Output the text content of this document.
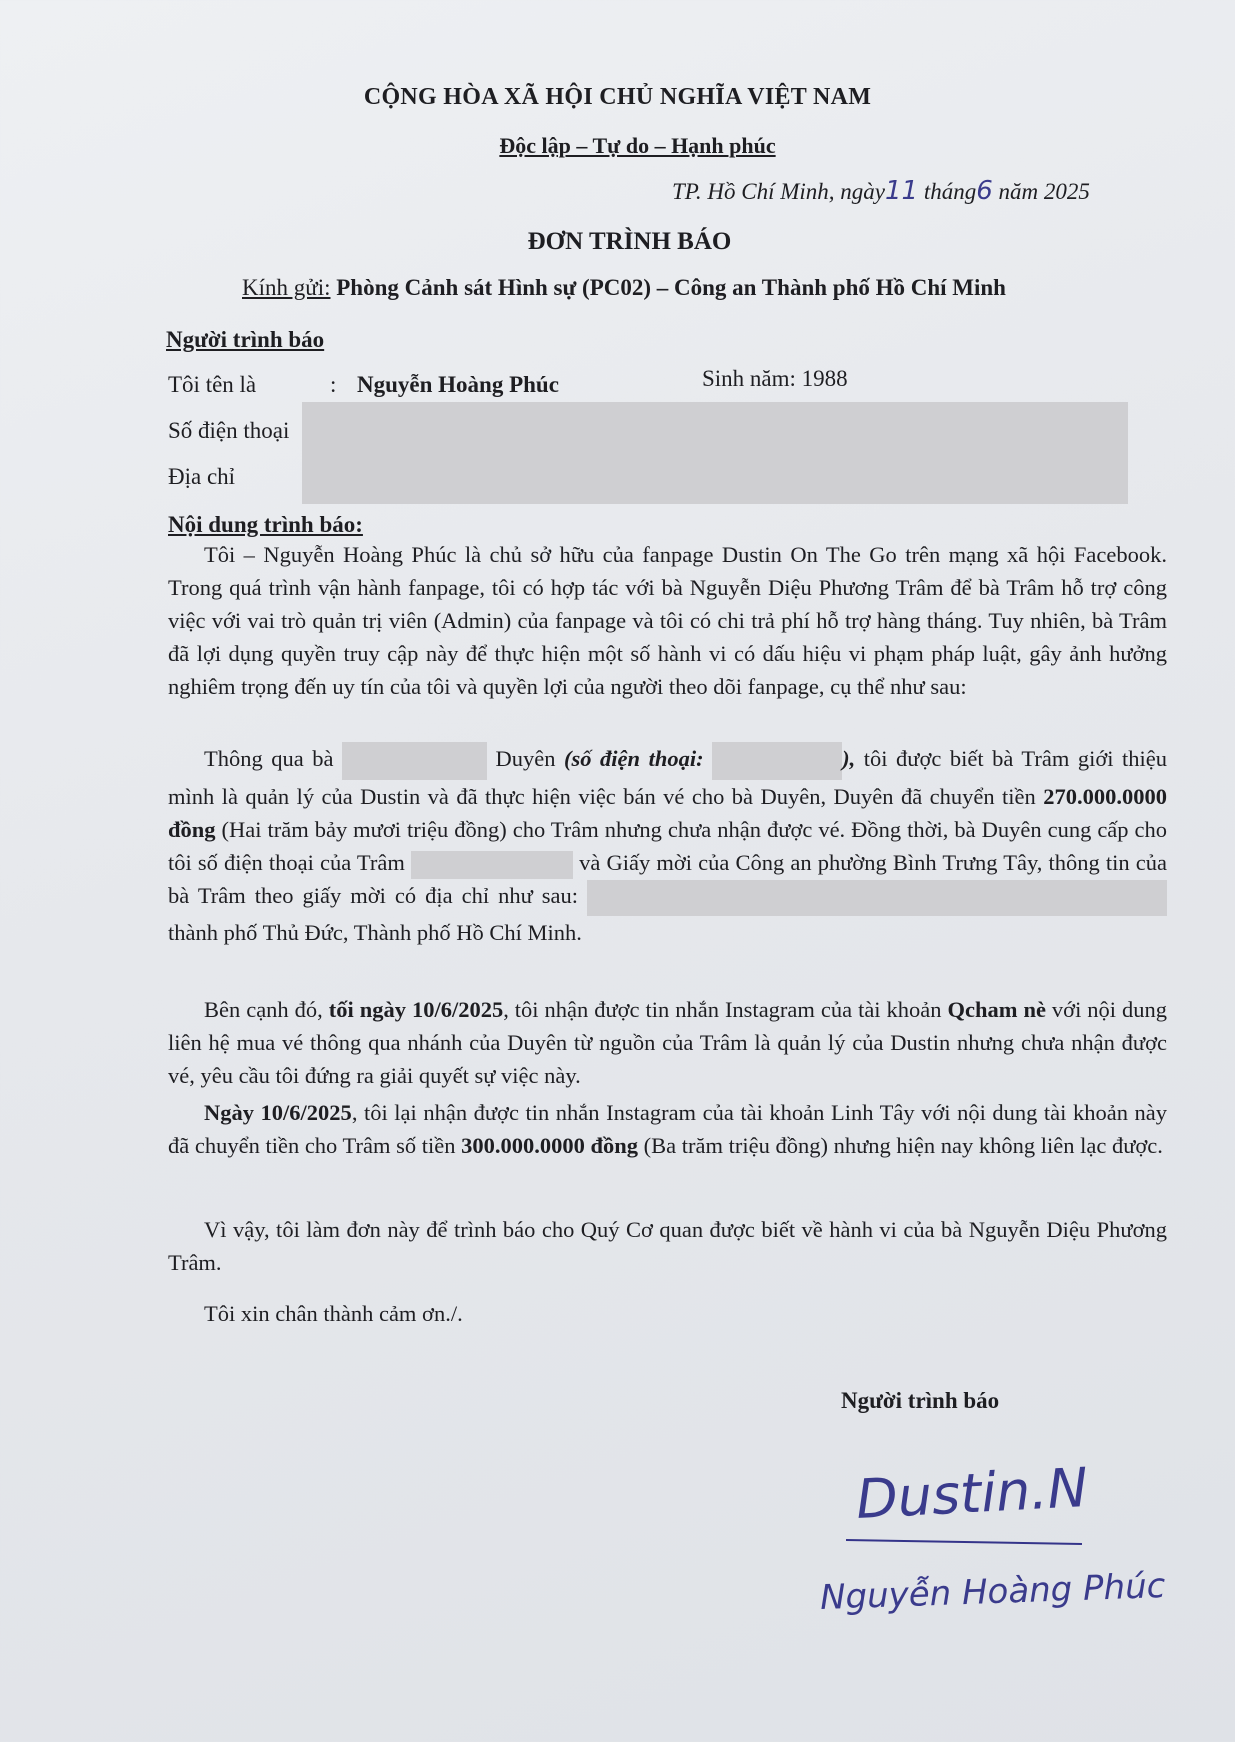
CỘNG HÒA XÃ HỘI CHỦ NGHĨA VIỆT NAM
Độc lập – Tự do – Hạnh phúc
TP. Hồ Chí Minh, ngày11 tháng6 năm 2025
ĐƠN TRÌNH BÁO
Kính gửi: Phòng Cảnh sát Hình sự (PC02) – Công an Thành phố Hồ Chí Minh
Người trình báo
Tôi tên là	: Nguyễn Hoàng Phúc	Sinh năm: 1988
Số điện thoại
Địa chỉ
Nội dung trình báo:
Tôi – Nguyễn Hoàng Phúc là chủ sở hữu của fanpage Dustin On The Go trên mạng xã hội Facebook. Trong quá trình vận hành fanpage, tôi có hợp tác với bà Nguyễn Diệu Phương Trâm để bà Trâm hỗ trợ công việc với vai trò quản trị viên (Admin) của fanpage và tôi có chi trả phí hỗ trợ hàng tháng. Tuy nhiên, bà Trâm đã lợi dụng quyền truy cập này để thực hiện một số hành vi có dấu hiệu vi phạm pháp luật, gây ảnh hưởng nghiêm trọng đến uy tín của tôi và quyền lợi của người theo dõi fanpage, cụ thể như sau:
Thông qua bà	Duyên (số điện thoại:	), tôi được biết bà Trâm giới thiệu mình là quản lý của Dustin và đã thực hiện việc bán vé cho bà Duyên, Duyên đã chuyển tiền 270.000.0000 đồng (Hai trăm bảy mươi triệu đồng) cho Trâm nhưng chưa nhận được vé. Đồng thời, bà Duyên cung cấp cho tôi số điện thoại của Trâm	và Giấy mời của Công an phường Bình Trưng Tây, thông tin của bà Trâm theo giấy mời có địa chỉ như sau:  thành phố Thủ Đức, Thành phố Hồ Chí Minh.
Bên cạnh đó, tối ngày 10/6/2025, tôi nhận được tin nhắn Instagram của tài khoản Qcham nè với nội dung liên hệ mua vé thông qua nhánh của Duyên từ nguồn của Trâm là quản lý của Dustin nhưng chưa nhận được vé, yêu cầu tôi đứng ra giải quyết sự việc này.
Ngày 10/6/2025, tôi lại nhận được tin nhắn Instagram của tài khoản Linh Tây với nội dung tài khoản này đã chuyển tiền cho Trâm số tiền 300.000.0000 đồng (Ba trăm triệu đồng) nhưng hiện nay không liên lạc được.
Vì vậy, tôi làm đơn này để trình báo cho Quý Cơ quan được biết về hành vi của bà Nguyễn Diệu Phương Trâm.
Tôi xin chân thành cảm ơn./.
Người trình báo
Dustin.N
Nguyễn Hoàng Phúc
